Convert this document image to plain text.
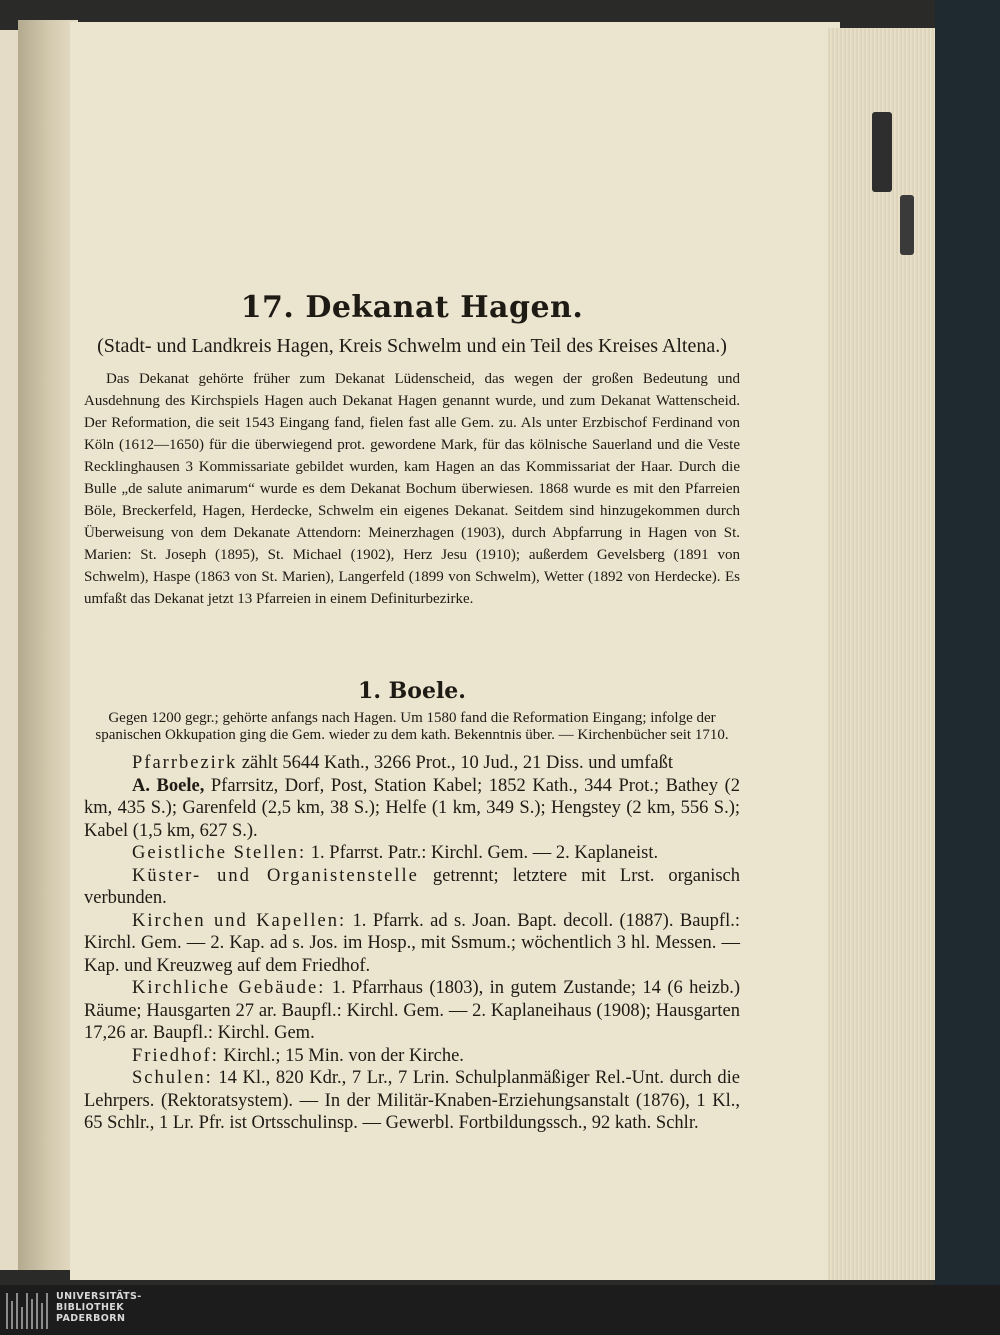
17. Dekanat Hagen.

(Stadt- und Landkreis Hagen, Kreis Schwelm und ein Teil des Kreises Altena.)

Das Dekanat gehörte früher zum Dekanat Lüdenscheid, das wegen der großen Bedeutung und Ausdehnung des Kirchspiels Hagen auch Dekanat Hagen genannt wurde, und zum Dekanat Wattenscheid. Der Reformation, die seit 1543 Eingang fand, fielen fast alle Gem. zu. Als unter Erzbischof Ferdinand von Köln (1612—1650) für die überwiegend prot. gewordene Mark, für das kölnische Sauerland und die Veste Recklinghausen 3 Kommissariate gebildet wurden, kam Hagen an das Kommissariat der Haar. Durch die Bulle „de salute animarum“ wurde es dem Dekanat Bochum überwiesen. 1868 wurde es mit den Pfarreien Böle, Breckerfeld, Hagen, Herdecke, Schwelm ein eigenes Dekanat. Seitdem sind hinzugekommen durch Überweisung von dem Dekanate Attendorn: Meinerzhagen (1903), durch Abpfarrung in Hagen von St. Marien: St. Joseph (1895), St. Michael (1902), Herz Jesu (1910); außerdem Gevelsberg (1891 von Schwelm), Haspe (1863 von St. Marien), Langerfeld (1899 von Schwelm), Wetter (1892 von Herdecke). Es umfaßt das Dekanat jetzt 13 Pfarreien in einem Definiturbezirke.

1. Boele.

Gegen 1200 gegr.; gehörte anfangs nach Hagen. Um 1580 fand die Reformation Eingang; infolge der spanischen Okkupation ging die Gem. wieder zu dem kath. Bekenntnis über. — Kirchenbücher seit 1710.

Pfarrbezirk zählt 5644 Kath., 3266 Prot., 10 Jud., 21 Diss. und umfaßt

A. Boele, Pfarrsitz, Dorf, Post, Station Kabel; 1852 Kath., 344 Prot.; Bathey (2 km, 435 S.); Garenfeld (2,5 km, 38 S.); Helfe (1 km, 349 S.); Hengstey (2 km, 556 S.); Kabel (1,5 km, 627 S.).

Geistliche Stellen: 1. Pfarrst. Patr.: Kirchl. Gem. — 2. Kaplaneist.

Küster- und Organistenstelle getrennt; letztere mit Lrst. organisch verbunden.

Kirchen und Kapellen: 1. Pfarrk. ad s. Joan. Bapt. decoll. (1887). Baupfl.: Kirchl. Gem. — 2. Kap. ad s. Jos. im Hosp., mit Ssmum.; wöchentlich 3 hl. Messen. — Kap. und Kreuzweg auf dem Friedhof.

Kirchliche Gebäude: 1. Pfarrhaus (1803), in gutem Zustande; 14 (6 heizb.) Räume; Hausgarten 27 ar. Baupfl.: Kirchl. Gem. — 2. Kaplaneihaus (1908); Hausgarten 17,26 ar. Baupfl.: Kirchl. Gem.

Friedhof: Kirchl.; 15 Min. von der Kirche.

Schulen: 14 Kl., 820 Kdr., 7 Lr., 7 Lrin. Schulplanmäßiger Rel.-Unt. durch die Lehrpers. (Rektoratsystem). — In der Militär-Knaben-Erziehungsanstalt (1876), 1 Kl., 65 Schlr., 1 Lr. Pfr. ist Ortsschulinsp. — Gewerbl. Fortbildungssch., 92 kath. Schlr.

UNIVERSITÄTS-
BIBLIOTHEK
PADERBORN
